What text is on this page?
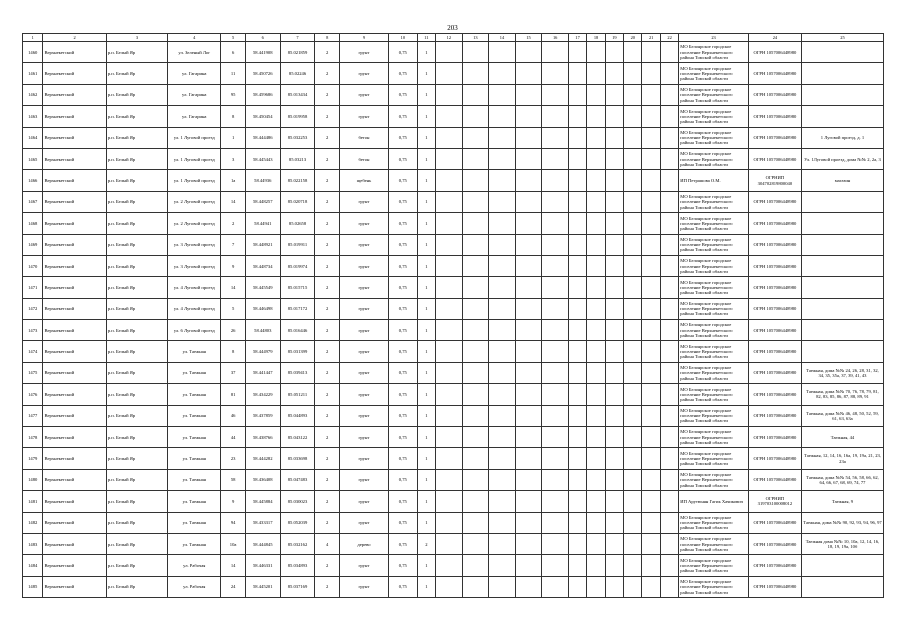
203
1	2	3	4	5	6	7	8	9	10	11	12	13	14	15	16	17	18	19	20	21	22	23	24	25
1460	Верхнекетский	р.п. Белый Яр	ул. Зеленый Лог	6	58.441908	85.021859	2	грунт	0,75	1												МО Белоярское городское поселение Верхнекетского района Томской области	ОГРН 1057006448980	
1461	Верхнекетский	р.п. Белый Яр	ул. Гагарина	11	58.450726	85.02246	2	грунт	0,75	1												МО Белоярское городское поселение Верхнекетского района Томской области	ОГРН 1057006448980	
1462	Верхнекетский	р.п. Белый Яр	ул. Гагарина	95	58.459686	85.013434	2	грунт	0,75	1												МО Белоярское городское поселение Верхнекетского района Томской области	ОГРН 1057006448980	
1463	Верхнекетский	р.п. Белый Яр	ул. Гагарина	8	58.450454	85.019958	2	грунт	0,75	1												МО Белоярское городское поселение Верхнекетского района Томской области	ОГРН 1057006448980	
1464	Верхнекетский	р.п. Белый Яр	ул. 1 Луговой проезд	1	58.444486	85.032253	2	бетон	0,75	1												МО Белоярское городское поселение Верхнекетского района Томской области	ОГРН 1057006448980	1 Луговой проезд, д. 1
1465	Верхнекетский	р.п. Белый Яр	ул. 1 Луговой проезд	3	58.445443	85.03213	2	бетон	0,75	1												МО Белоярское городское поселение Верхнекетского района Томской области	ОГРН 1057006448980	Ул. 1Луговой проезд, дома №№ 2, 2а, 3
1466	Верхнекетский	р.п. Белый Яр	ул. 1 Луговой проезд	1а	58.44936	85.022158	2	щебень	0,75	1												ИП Петрашова О.М.	ОГРНИП 304702819800040	магазин
1467	Верхнекетский	р.п. Белый Яр	ул. 2 Луговой проезд	14	58.448257	85.020718	2	грунт	0,75	1												МО Белоярское городское поселение Верхнекетского района Томской области	ОГРН 1057006448980	
1468	Верхнекетский	р.п. Белый Яр	ул. 2 Луговой проезд	2	58.44941	85.02658	2	грунт	0,75	1												МО Белоярское городское поселение Верхнекетского района Томской области	ОГРН 1057006448980	
1469	Верхнекетский	р.п. Белый Яр	ул. 3 Луговой проезд	7	58.448921	85.019911	2	грунт	0,75	1												МО Белоярское городское поселение Верхнекетского района Томской области	ОГРН 1057006448980	
1470	Верхнекетский	р.п. Белый Яр	ул. 3 Луговой проезд	9	58.448734	85.019974	2	грунт	0,75	1												МО Белоярское городское поселение Верхнекетского района Томской области	ОГРН 1057006448980	
1471	Верхнекетский	р.п. Белый Яр	ул. 4 Луговой проезд	14	58.445549	85.015715	2	грунт	0,75	1												МО Белоярское городское поселение Верхнекетского района Томской области	ОГРН 1057006448980	
1472	Верхнекетский	р.п. Белый Яр	ул. 4 Луговой проезд	5	58.446498	85.017172	2	грунт	0,75	1												МО Белоярское городское поселение Верхнекетского района Томской области	ОГРН 1057006448980	
1473	Верхнекетский	р.п. Белый Яр	ул. 6 Луговой проезд	26	58.44803	85.016446	2	грунт	0,75	1												МО Белоярское городское поселение Верхнекетского района Томской области	ОГРН 1057006448980	
1474	Верхнекетский	р.п. Белый Яр	ул. Таежная	8	58.444979	85.031399	2	грунт	0,75	1												МО Белоярское городское поселение Верхнекетского района Томской области	ОГРН 1057006448980	
1475	Верхнекетский	р.п. Белый Яр	ул. Таежная	37	58.441447	85.039413	2	грунт	0,75	1												МО Белоярское городское поселение Верхнекетского района Томской области	ОГРН 1057006448980	Таежная, дома №№ 24, 26, 28, 31, 32, 34, 35, 35а, 37, 39, 41, 43
1476	Верхнекетский	р.п. Белый Яр	ул. Таежная	81	58.434229	85.051211	2	грунт	0,75	1												МО Белоярское городское поселение Верхнекетского района Томской области	ОГРН 1057006448980	Таежная, дома №№ 70, 76, 78, 79, 81, 82, 83, 85, 86, 87, 88, 89, 91
1477	Верхнекетский	р.п. Белый Яр	ул. Таежная	46	58.437859	85.044893	2	грунт	0,75	1												МО Белоярское городское поселение Верхнекетского района Томской области	ОГРН 1057006448980	Таежная, дома №№ 46, 48, 50, 52, 59, 61, 63, 63а
1478	Верхнекетский	р.п. Белый Яр	ул. Таежная	44	58.438766	85.043122	2	грунт	0,75	1												МО Белоярское городское поселение Верхнекетского района Томской области	ОГРН 1057006448980	Таежная, 44
1479	Верхнекетский	р.п. Белый Яр	ул. Таежная	23	58.444282	85.033698	2	грунт	0,75	1												МО Белоярское городское поселение Верхнекетского района Томской области	ОГРН 1057006448980	Таежная, 12, 14, 16, 16а, 19, 19а, 21, 23, 23а
1480	Верхнекетский	р.п. Белый Яр	ул. Таежная	58	58.436408	85.047483	2	грунт	0,75	1												МО Белоярское городское поселение Верхнекетского района Томской области	ОГРН 1057006448980	Таежная, дома №№ 54, 56, 58, 66, 62, 64, 66, 67, 68, 69, 74, 77
1481	Верхнекетский	р.п. Белый Яр	ул. Таежная	9	58.445884	85.030023	2	грунт	0,75	1												ИП Арутюнян Гагик Хачикович	ОГРНИП 319703100008012	Таежная, 9
1482	Верхнекетский	р.п. Белый Яр	ул. Таежная	94	58.433317	85.052039	2	грунт	0,75	1												МО Белоярское городское поселение Верхнекетского района Томской области	ОГРН 1057006448980	Таежная, дома №№ 90, 92, 93, 94, 96, 97
1483	Верхнекетский	р.п. Белый Яр	ул. Таежная	10а	58.444845	85.032162	4	дерево	0,75	2												МО Белоярское городское поселение Верхнекетского района Томской области	ОГРН 1057006448980	Таежная дома №№ 10, 10а, 12, 14, 16, 18, 19, 19а, 10б
1484	Верхнекетский	р.п. Белый Яр	ул. Рабочая	14	58.446331	85.034893	2	грунт	0,75	1												МО Белоярское городское поселение Верхнекетского района Томской области	ОГРН 1057006448980	
1485	Верхнекетский	р.п. Белый Яр	ул. Рабочая	24	58.445201	85.037169	2	грунт	0,75	1												МО Белоярское городское поселение Верхнекетского района Томской области	ОГРН 1057006448980	
